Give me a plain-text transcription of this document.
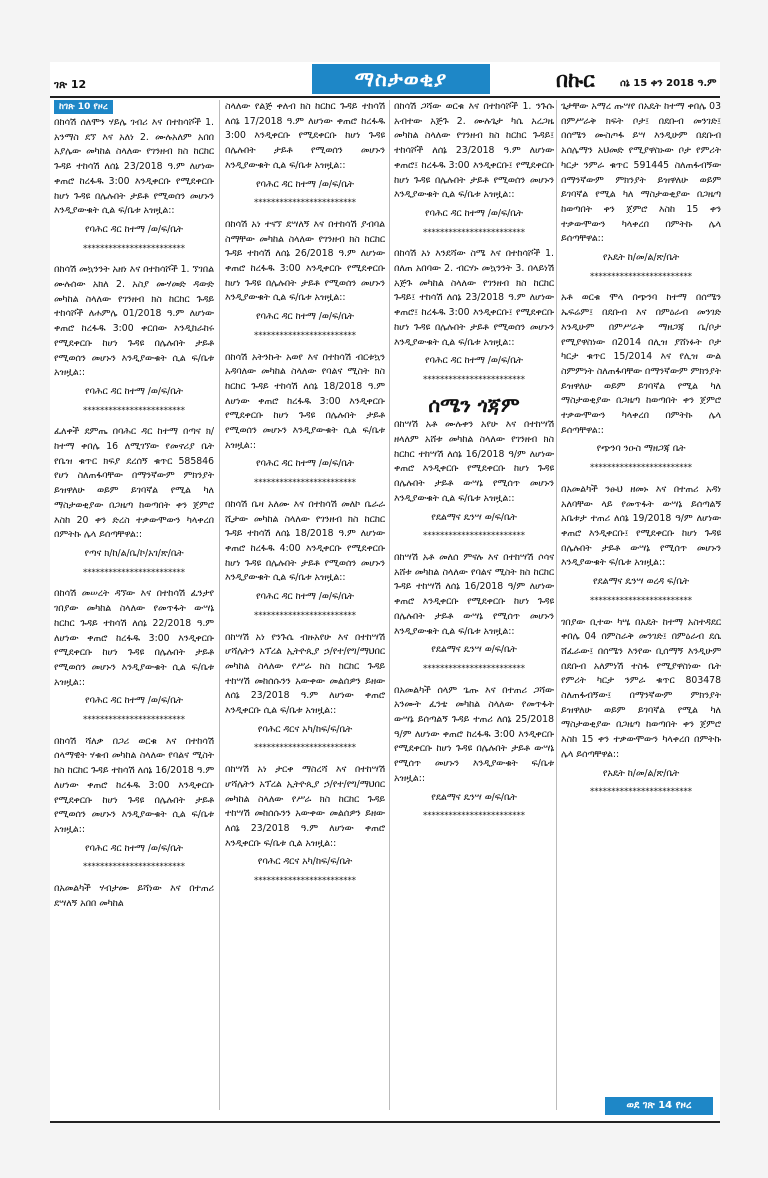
ገጽ 12	ማስታወቂያ	በኩር	ሰኔ 15 ቀን 2018 ዓ.ም
ከገጽ 10 የዞረ

በከሳሽ ሰለሞን ሃይሌ ገብሪ እና በተከሳሾች 1. አንማስ ደኘ እና አለነ 2. ሙሉአለም አበበ አያሌው መካከል ስላለው የገንዘብ ክስ ከርከር ጉዳይ ተከሳሽ ለሰኔ 23/2018 ዓ.ም ለሆነው ቀጠሮ ከረፋዱ 3:00 እንዲቀርቡ የሚደቀርቡ ከሆነ ጉዳዩ በሌሉበት ታይቶ የሚወሰን መሆኑን እንዲያውቁት ሲል ፍ/ቤቱ አዝዟል::

የባሕር ዳር ከተማ /ወ/ፍ/ቤት
************************

በከሳሽ መኳንንት አዘነ እና በተከሳሾች 1. ኘገበል ሙሉሰው አክለ 2. አስያ ሙሃመድ ዳውድ መካከል ስላለው የገንዘብ ክስ ከርከር ጉዳይ ተከሳሾች ለሐምሌ 01/2018 ዓ.ም ለሆነው ቀጠሮ ከረፋዱ 3:00 ቀርበው እንዲከራከሩ የሚደቀርቡ ከሆነ ጉዳዩ በሌሉበት ታይቶ የሚወሰን መሆኑን እንዲያውቁት ሲል ፍ/ቤቱ አዝዟል::

የባሕር ዳር ከተማ /ወ/ፍ/ቤት
************************

ፈለቀች ደምጤ በባሕር ዳር ከተማ በጣና ክ/ከተማ ቀበሌ 16 ለሚገኘው የመኖሪያ ቤት የቤዝ ቁጥር ክፍያ ደረሰኝ ቁጥር 585846 የሆነ ስለጠፋባቸው በማንኛውም ምክንያት ይዝዋለሁ ወይም ይገባኛል የሚል ካለ ማስታወቂያው በጋዜጣ ከወጣበት ቀን ጀምሮ እስከ 20 ቀን ድረስ ተቃውሞውን ካላቀረበ በምትኩ ሌላ ይሰጣቸዋል::

የጣና ክ/ከ/ል/ቤ/ኮ/አገ/ጽ/ቤት
************************

በከሳሽ መሠረት ዳኘው እና በተከሳሽ ፈንታየ ገበያው መካከል ስላለው የመጥፋት ውሣኔ ከርከር ጉዳይ ተከሳሽ ለሰኔ 22/2018 ዓ.ም ለሆነው ቀጠሮ ከረፋዱ 3:00 እንዲቀርቡ የሚደቀርቡ ከሆነ ጉዳዩ በሌሉበት ታይቶ የሚወሰን መሆኑን እንዲያውቁት ሲል ፍ/ቤቱ አዝዟል::

የባሕር ዳር ከተማ /ወ/ፍ/ቤት
************************

በከሳሽ ሻለቃ በጋሪ ወርቁ እና በተከሳሽ ሰላማዊት ሃቁብ መካከል ስላለው የባልና ሚስት ክስ ከርከር ጉዳይ ተከሳሽ ለሰኔ 16/2018 ዓ.ም ለሆነው ቀጠሮ ከረፋዱ 3:00 እንዲቀርቡ የሚደቀርቡ ከሆነ ጉዳዩ በሌሉበት ታይቶ የሚወሰን መሆኑን እንዲያውቁት ሲል ፍ/ቤቱ አዝዟል::

የባሕር ዳር ከተማ /ወ/ፍ/ቤት
************************

በአመልካች ሃብታሙ ይሻነው እና በተጠሪ ደሣለኝ አበበ መካከል

ስላለው የልጅ ቀለብ ክስ ከርከር ጉዳይ ተከሳሽ ለሰኔ 17/2018 ዓ.ም ለሆነው ቀጠሮ ከረፋዱ 3:00 እንዲቀርቡ የሚደቀርቡ ከሆነ ጉዳዩ በሌሉበት ታይቶ የሚወሰን መሆኑን እንዲያውቁት ሲል ፍ/ቤቱ አዝዟል::

የባሕር ዳር ከተማ /ወ/ፍ/ቤት
************************

በከሳሽ አነ ተናኘ ደሣለኝ እና በተከሳሽ ያብባል ስማቸው መካከል ስላለው የገንዘብ ክስ ከርከር ጉዳይ ተከሳሽ ለሰኔ 26/2018 ዓ.ም ለሆነው ቀጠሮ ከረፋዱ 3:00 እንዲቀርቡ የሚደቀርቡ ከሆነ ጉዳዩ በሌሉበት ታይቶ የሚወሰን መሆኑን እንዲያውቁት ሲል ፍ/ቤቱ አዝዟል::

የባሕር ዳር ከተማ /ወ/ፍ/ቤት
************************

በከሳሽ አትንኩት አወየ እና በተከሳሽ ብርቱኳን አዳባለው መካከል ስላለው የባልና ሚስት ክስ ከርከር ጉዳይ ተከሳሽ ለሰኔ 18/2018 ዓ.ም ለሆነው ቀጠሮ ከረፋዱ 3:00 እንዲቀርቡ የሚደቀርቡ ከሆነ ጉዳዩ በሌሉበት ታይቶ የሚወሰን መሆኑን እንዲያውቁት ሲል ፍ/ቤቱ አዝዟል::

የባሕር ዳር ከተማ /ወ/ፍ/ቤት
************************

በከሳሽ ቤዛ አለሙ እና በተከሳሽ መለኮ ቤራራ ሺታው መካከል ስላለው የገንዘብ ክስ ከርከር ጉዳይ ተከሳሽ ለሰኔ 18/2018 ዓ.ም ለሆነው ቀጠሮ ከረፋዱ 4:00 እንዲቀርቡ የሚደቀርቡ ከሆነ ጉዳዩ በሌሉበት ታይቶ የሚወሰን መሆኑን እንዲያውቁት ሲል ፍ/ቤቱ አዝዟል::

የባሕር ዳር ከተማ /ወ/ፍ/ቤት
************************

በከሣሽ አነ የንጉሴ ብዙአየሁ እና በተከሣሽ ሆሻሌትን አፕረል ኢትዮጲያ ኃ/የተ/የግ/ማህበር መካከል ስላለው የሥራ ክስ ከርከር ጉዳይ ተከሣሽ መከሰሱንን አውቀው መልሰዎን ይዘው ለሰኔ 23/2018 ዓ.ም ለሆነው ቀጠሮ እንዲቀርቡ ሲል ፍ/ቤቱ አዝዟል::

የባሕር ዳርና አካ/ከፍ/ፍ/ቤት
************************

በከሣሽ አነ ታርቀ ማስረሻ እና በተከሣሽ ሆሻሌትን አፕረል ኢትዮጲያ ኃ/የተ/የግ/ማህበር መካከል ስላለው የሥራ ክስ ከርከር ጉዳይ ተከሣሽ መከሰሱንን አውቀው መልሰዎን ይዘው ለሰኔ 23/2018 ዓ.ም ለሆነው ቀጠሮ እንዲቀርቡ ፍ/ቤቱ ሲል አዝዟል::

የባሕር ዳርና አካ/ከፍ/ፍ/ቤት
************************

በከሳሽ ጋሻው ወርቁ እና በተከሳሾች 1. ንጉሱ አብተው አጅጉ 2. ሙሉጌታ ካሴ አረጋዜ መካከል ስላለው የገንዘብ ክስ ከርከር ጉዳይ፤ ተከሳሾች ለሰኔ 23/2018 ዓ.ም ለሆነው ቀጠሮ፤ ከረፋዱ 3:00 እንዲቀርቡ፤ የሚደቀርቡ ከሆነ ጉዳዩ በሌሉበት ታይቶ የሚወሰን መሆኑን እንዲያውቁት ሲል ፍ/ቤቱ አዝዟል::

የባሕር ዳር ከተማ /ወ/ፍ/ቤት
************************

በከሳሽ አነ እንደሻው ስሜ እና በተከሳሾች 1. በለጠ አበባው 2. ብርሃኑ መኳንንት 3. በላይነሽ አጅጉ መካከል ስላለው የገንዘብ ክስ ከርከር ጉዳይ፤ ተከሳሽ ለሰኔ 23/2018 ዓ.ም ለሆነው ቀጠሮ፤ ከረፋዱ 3:00 እንዲቀርቡ፤ የሚደቀርቡ ከሆነ ጉዳዩ በሌሉበት ታይቶ የሚወሰን መሆኑን እንዲያውቁት ሲል ፍ/ቤቱ አዝዟል::

የባሕር ዳር ከተማ /ወ/ፍ/ቤት
************************
ሰሜን ጎጃም

በከሣሽ አቶ ሙሉቀን አየሁ እና በተከሣሽ ዘላለም አሸቱ መካከል ስላለው የገንዘብ ክስ ከርከር ተከሣሽ ለሰኔ 16/2018 ዓ/ም ለሆነው ቀጠሮ እንዲቀርቡ የሚደቀርቡ ከሆነ ጉዳዩ በሌሉበት ታይቶ ውሣኔ የሚሰጥ መሆኑን እንዲያውቁት ሲል ፍ/ቤቱ አዝዟል::

የደልማና ዴንሣ ወ/ፍ/ቤት
************************

በከሣሽ አቶ መለሰ ምናሉ እና በተከሣሽ ሶሳና አሸቱ መካከል ስላለው የባልና ሚስት ክስ ከርከር ጉዳይ ተከሣሽ ለሰኔ 16/2018 ዓ/ም ለሆነው ቀጠሮ እንዲቀርቡ የሚደቀርቡ ከሆነ ጉዳዩ በሌሉበት ታይቶ ውሣኔ የሚሰጥ መሆኑን እንዲያውቁት ሲል ፍ/ቤቱ አዝዟል::

የደልማና ዴንሣ ወ/ፍ/ቤት
************************

በአመልካች ሰላም ጌጡ እና በተጠሪ ጋሻው አንሙት ፈንቴ መካከል ስላለው የመጥፋት ውሣኔ ይሰጣልኝ ጉዳይ ተጠሪ ለሰኔ 25/2018 ዓ/ም ለሆነው ቀጠሮ ከረፋዱ 3:00 እንዲቀርቡ የሚደቀርቡ ከሆነ ጉዳዩ በሌሉበት ታይቶ ውሣኔ የሚሰጥ መሆኑን እንዲያውቁት ፍ/ቤቱ አዝዟል::

የደልማና ዴንሣ ወ/ፍ/ቤት
************************

ጌታቸው አማረ ጡሣየ በአዴት ከተማ ቀበሌ 03 በምሥራቅ ክፍት ቦታ፤ በደቡብ መንገድ፤ በሰሜን ሙስጦፋ ይሣ እንዲሁም በደቡብ አሰሌማን አህመድ የሚያዋስኑው ቦታ የምሪት ካርታ ንምራ ቁጥር 591445 ስለጠፋብኝው በማንኛውም ምክንያት ይዝዋለሁ ወይም ይገባኛል የሚል ካለ ማስታወቂያው በጋዜጣ ከወጣበት ቀን ጀምሮ እስከ 15 ቀን ተቃውሞውን ካላቀረበ በምትኩ ሌላ ይሰጣቸዋል::

የአዴት ከ/መ/ል/ጽ/ቤት
************************

አቶ ወርቁ ሞላ በጭንባ ከተማ በሰሜን ኤፍሬም፤ በደቡብ እና በምዕራብ መንገድ እንዲሁም በምሥራቅ ማዘጋጃ ቤ/ቦታ የሚያዋስነው በ2014 በሊዝ ያሸነፉት ቦታ ካርታ ቁጥር 15/2014 እና የሊዝ ውል ስምምነት ስለጠፋባቸው በማንኛውም ምክንያት ይዝዋለሁ ወይም ይገባኛል የሚል ካለ ማስታወቂያው በጋዜጣ ከወጣበት ቀን ጀምሮ ተቃውሞውን ካላቀረበ በምትኩ ሌላ ይሰጣቸዋል::

የጭንባ ንዑስ ማዘጋጃ ቤት
************************

በአመልካች ንፁህ ዘመኑ እና በተጠሪ አዳነ አለባቸው ላይ የመጥፋት ውሣኔ ይሰጣልኝ አቤቱታ ተጠሪ ለሰኔ 19/2018 ዓ/ም ለሆነው ቀጠሮ እንዲቀርቡ፤ የሚደቀርቡ ከሆነ ጉዳዩ በሌሉበት ታይቶ ውሣኔ የሚሰጥ መሆኑን እንዲያውቁት ፍ/ቤቱ አዝዟል::

የደልማና ዴንሣ ወረዳ ፍ/ቤት
************************

ገበያው ቢተው ካሤ በአዴት ከተማ አስተዳደር ቀበሌ 04 በምስራቅ መንገድ፤ በምዕራብ ደሴ ሸፈራው፤ በሰሜን እንየው ቢሰማኝ እንዲሁም በደቡብ አለምነሽ ተስፋ የሚያዋስነው ቤት የምሪት ካርታ ንምራ ቁጥር 803478 ስለጠፋብኝው፤ በማንኛውም ምክንያት ይዝዋለሁ ወይም ይገባኛል የሚል ካለ ማስታወቂያው በጋዜጣ ከወጣበት ቀን ጀምሮ እስከ 15 ቀን ተቃውሞውን ካላቀረበ በምትኩ ሌላ ይሰጣቸዋል::

የአዴት ከ/መ/ል/ጽ/ቤት
************************
ወደ ገጽ 14 የዞረ
